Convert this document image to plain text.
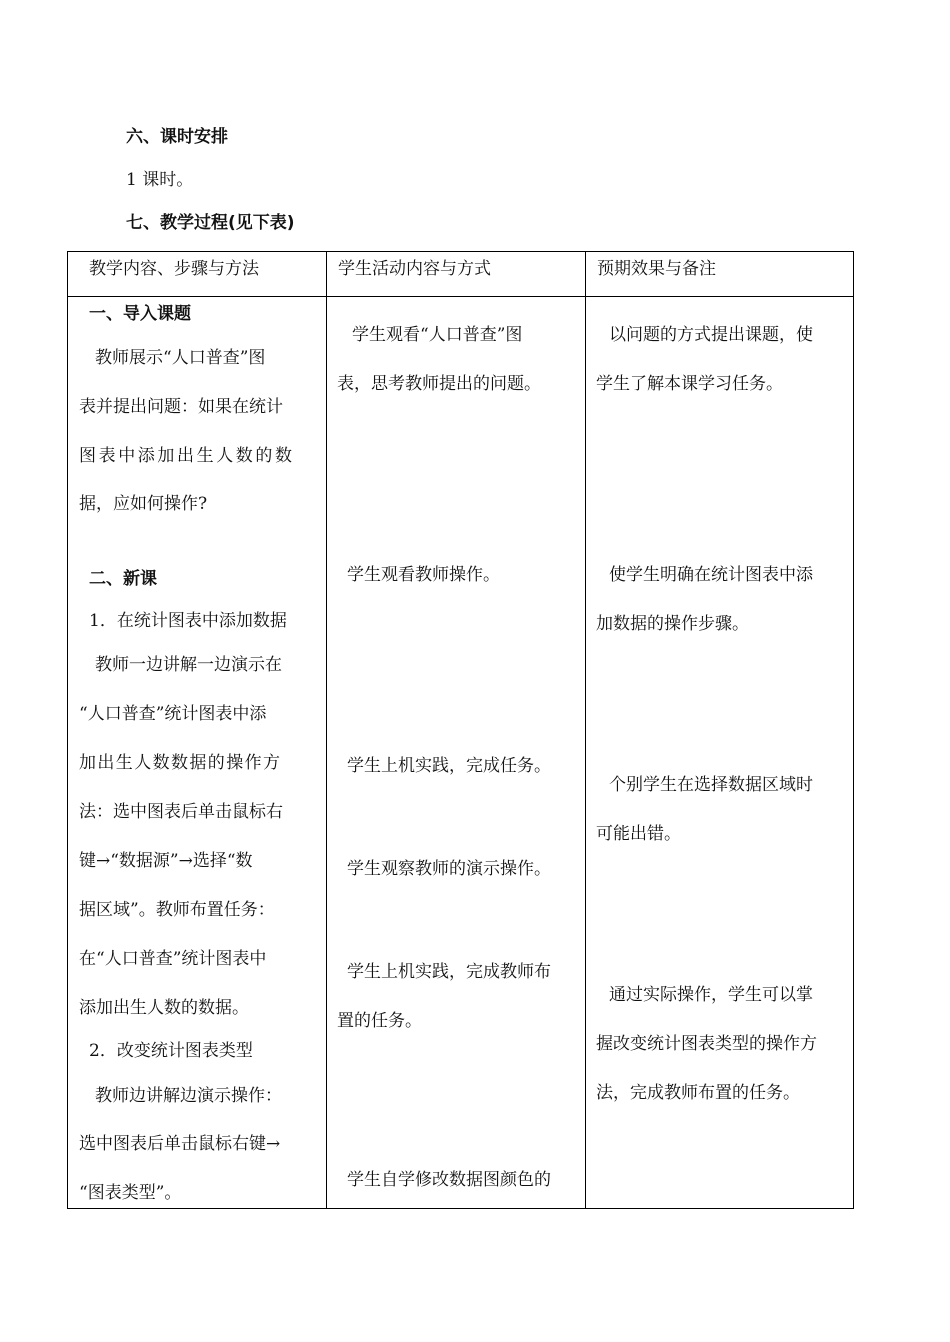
六、课时安排
1 课时。
七、教学过程(见下表)
教学内容、步骤与方法	学生活动内容与方式	预期效果与备注
一、导入课题
教师展示“人口普查”图
表并提出问题：如果在统计
图表中添加出生人数的数
据，应如何操作?
二、新课
1．在统计图表中添加数据
教师一边讲解一边演示在
“人口普查”统计图表中添
加出生人数数据的操作方
法：选中图表后单击鼠标右
键→“数据源”→选择“数
据区域”。教师布置任务：
在“人口普查”统计图表中
添加出生人数的数据。
2．改变统计图表类型
教师边讲解边演示操作：
选中图表后单击鼠标右键→
“图表类型”。
学生观看“人口普查”图
表，思考教师提出的问题。
学生观看教师操作。
学生上机实践，完成任务。
学生观察教师的演示操作。
学生上机实践，完成教师布
置的任务。
学生自学修改数据图颜色的
以问题的方式提出课题，使
学生了解本课学习任务。
使学生明确在统计图表中添
加数据的操作步骤。
个别学生在选择数据区域时
可能出错。
通过实际操作，学生可以掌
握改变统计图表类型的操作方
法，完成教师布置的任务。
